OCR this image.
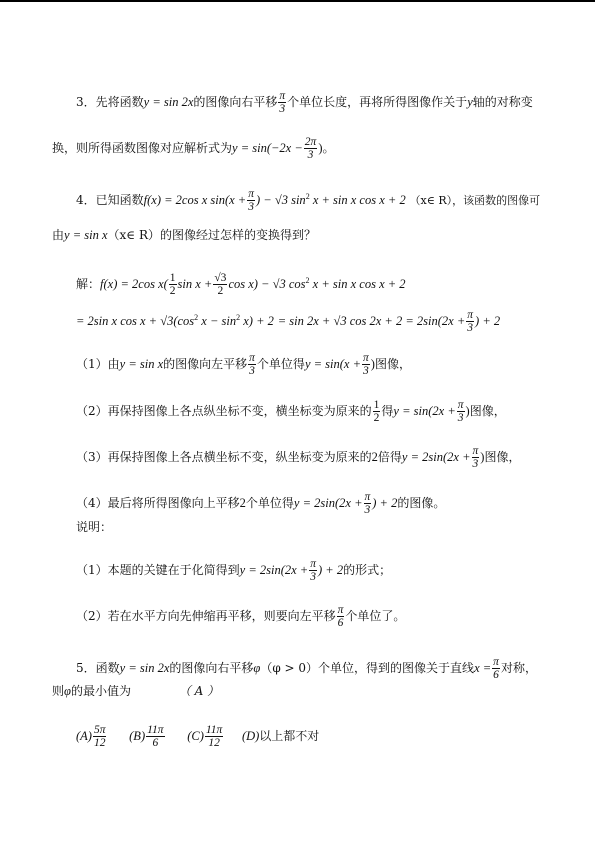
3．先将函数y = sin 2x的图像向右平移 $\frac{\pi}{3}$ 个单位长度，再将所得图像作关于y轴的对称变
换，则所得函数图像对应解析式为$y = \sin(-2x - \frac{2\pi}{3}$ )。
4．已知函数f(x) = 2cos x $\sin(x + \frac{\pi}{3}$ ) − √3 $\sin^2 x + \sin x$ cos x + 2 （x∈ R），该函数的图像可
由y = sin x（x∈ R）的图像经过怎样的变换得到？
解：f(x) = 2cos $x( \frac{1}{2}$ $\sin x + \frac{√3}{2}$ cos x) − √3 $\cos^2 x + \sin x$ cos x + 2
= 2sin x $\cos x + √3(\cos^2$ $x - \sin^2 x) + 2 = \sin 2x + √3$ $\cos 2x + 2 = 2\sin(2x + \frac{\pi}{3}$ ) + 2
（1）由y = sin x的图像向左平移 $\frac{\pi}{3}$ 个单位得$y = \sin(x + \frac{\pi}{3}$ )图像，
（2）再保持图像上各点纵坐标不变，横坐标变为原来的 $\frac{1}{2}$ 得$y = \sin(2x + \frac{\pi}{3}$ )图像，
（3）再保持图像上各点横坐标不变，纵坐标变为原来的2倍得$y = 2\sin(2x + \frac{\pi}{3}$ )图像，
（4）最后将所得图像向上平移2个单位得$y = 2\sin(2x + \frac{\pi}{3}$ ) + 2的图像。
说明：
（1）本题的关键在于化简得到$y = 2\sin(2x + \frac{\pi}{3}$ ) + 2的形式；
（2）若在水平方向先伸缩再平移，则要向左平移 $\frac{\pi}{6}$ 个单位了。
5．函数y = sin 2x的图像向右平移φ（φ > 0）个单位，得到的图像关于直线$x = \frac{\pi}{6}$ 对称，
则φ的最小值为	（ A ）
$(A) \frac{5\pi}{12} (B) \frac{11\pi}{6} (C) \frac{11\pi}{12} (D)$以上都不对
